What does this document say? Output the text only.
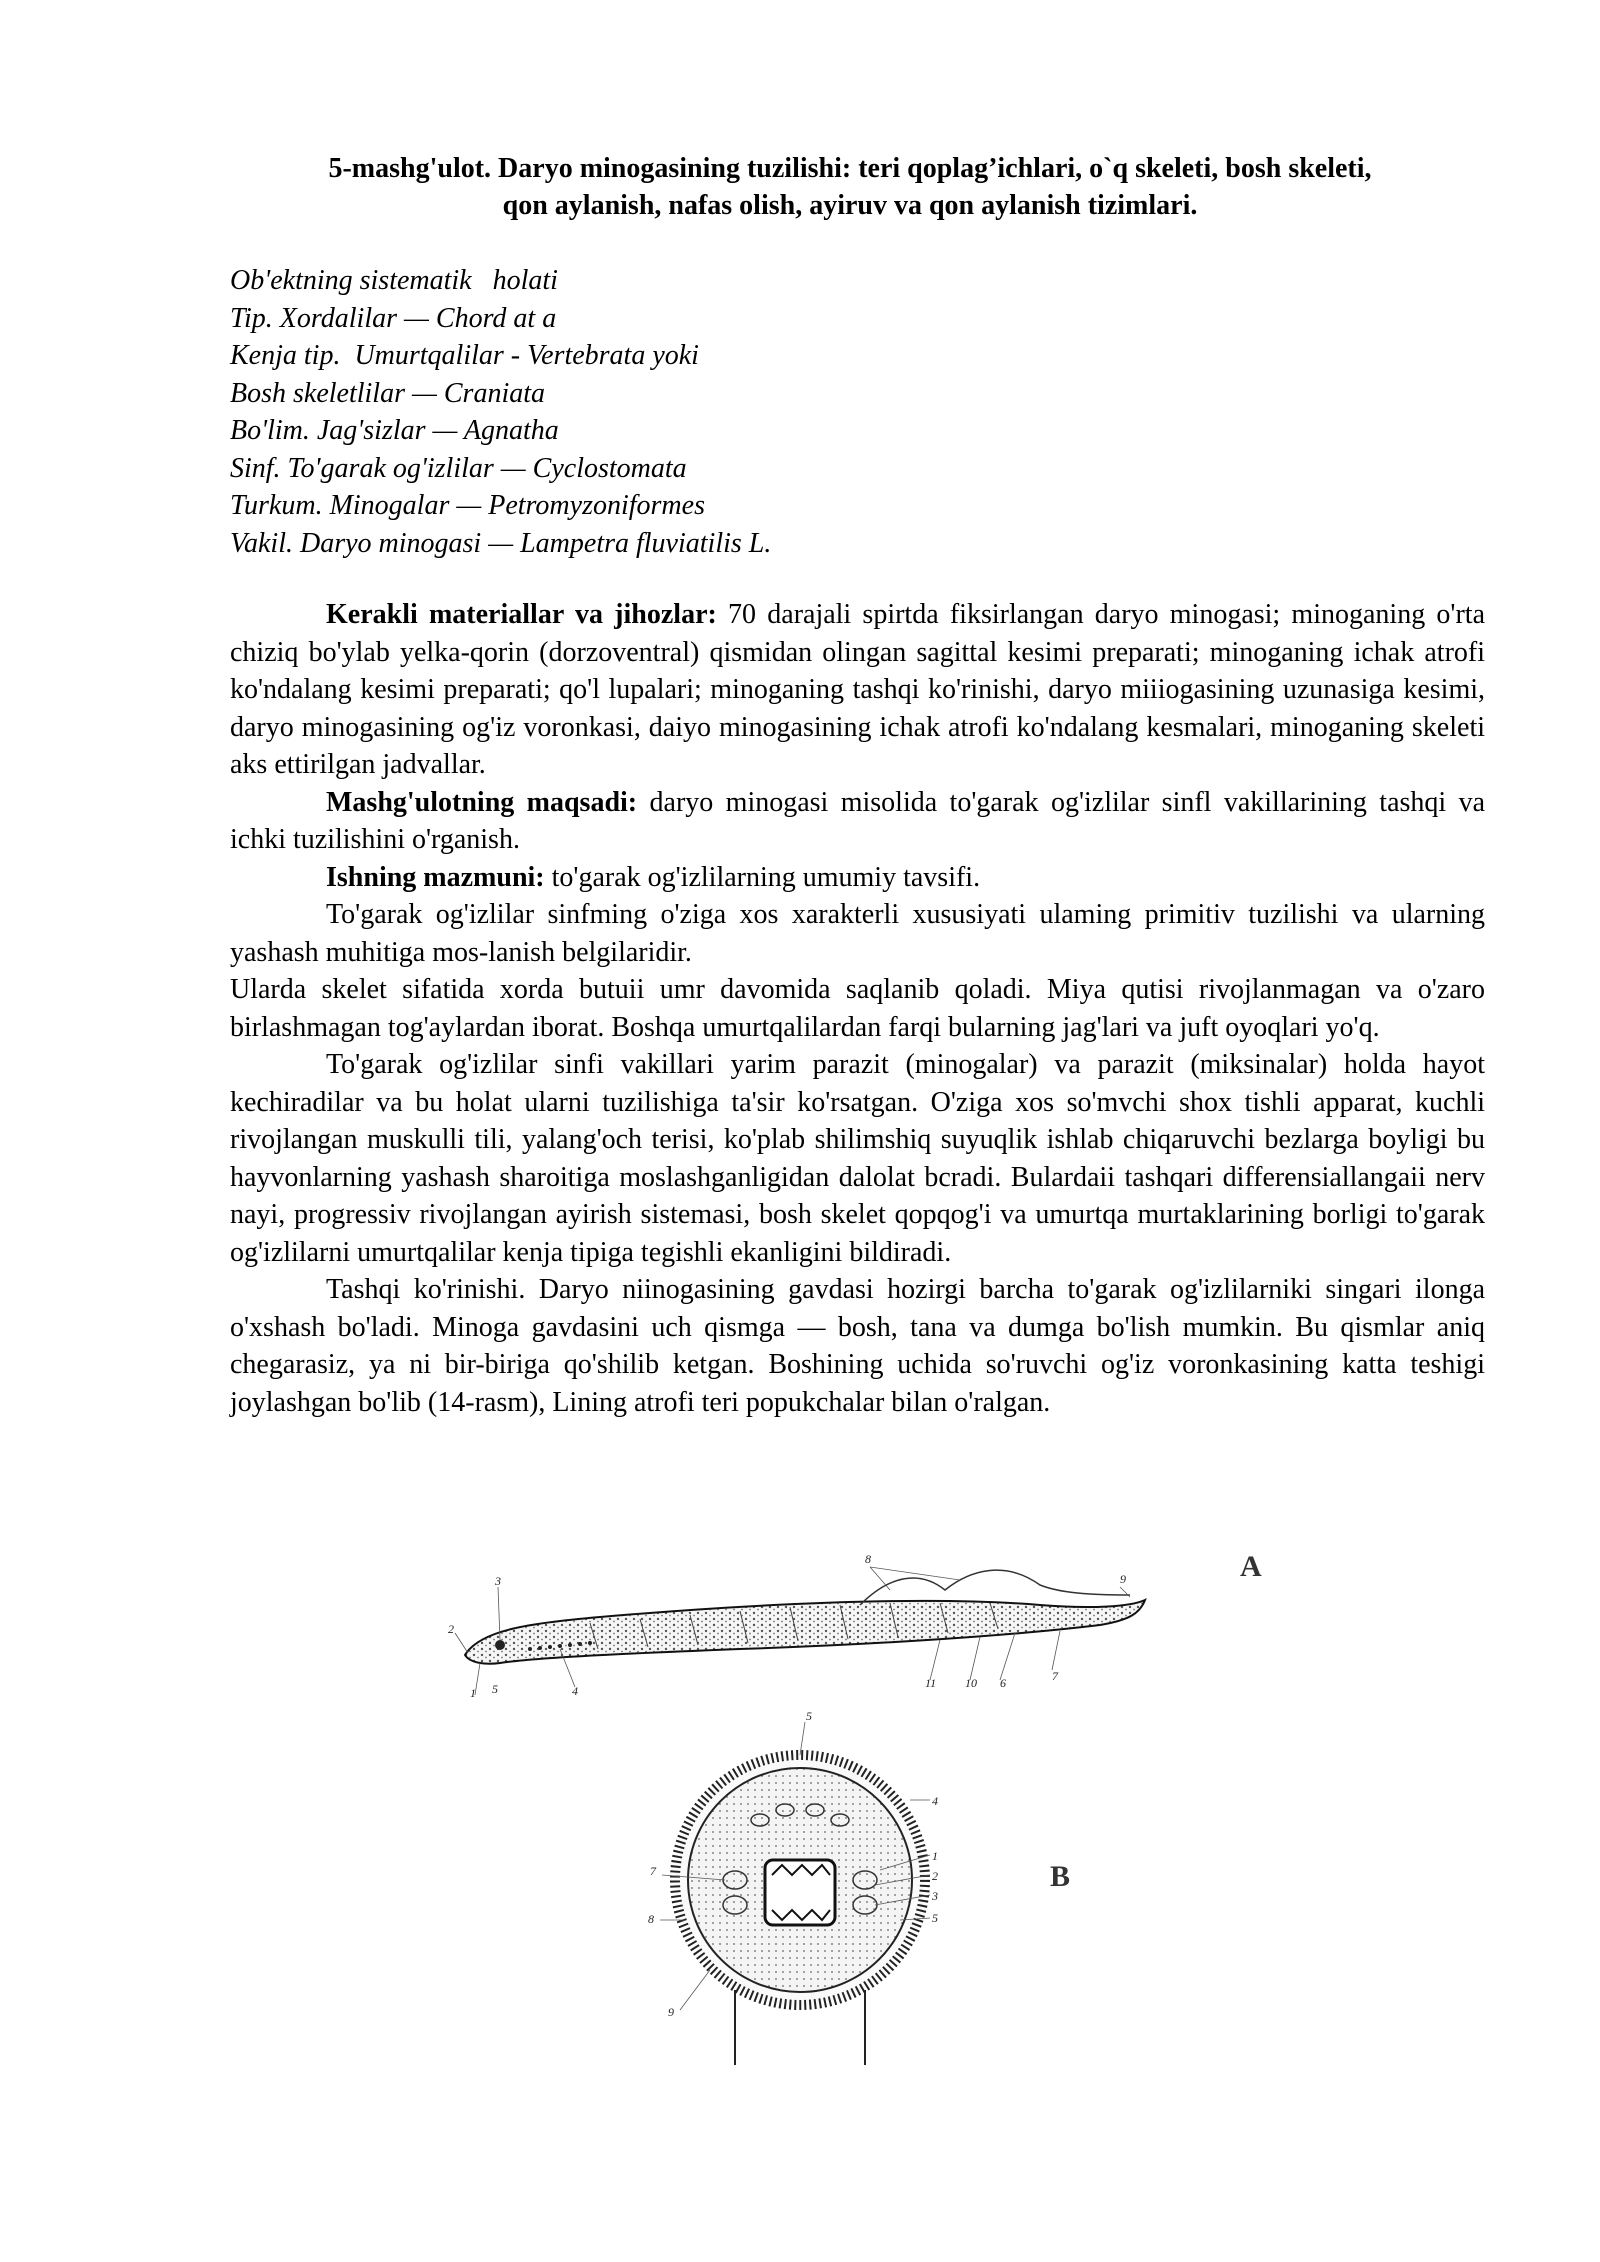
5-mashg'ulot. Daryo minogasining tuzilishi: teri qoplag’ichlari, o`q skeleti, bosh skeleti,
qon aylanish, nafas olish, ayiruv va qon aylanish tizimlari.
Ob'ektning sistematik   holati
Tip. Xordalilar — Chord at a
Kenja tip.  Umurtqalilar - Vertebrata yoki
Bosh skeletlilar — Craniata
Bo'lim. Jag'sizlar — Agnatha
Sinf. To'garak og'izlilar — Cyclostomata
Turkum. Minogalar — Petromyzoniformes
Vakil. Daryo minogasi — Lampetra fluviatilis L.

Kerakli materiallar va jihozlar: 70 darajali spirtda fiksirlangan daryo minogasi; minoganing o'rta chiziq bo'ylab yelka-qorin (dorzoventral) qismidan olingan sagittal kesimi preparati; minoganing ichak atrofi ko'ndalang kesimi preparati; qo'l lupalari; minoganing tashqi ko'rinishi, daryo miiiogasining uzunasiga kesimi, daryo minogasining og'iz voronkasi, daiyo minogasining ichak atrofi ko'ndalang kesmalari, minoganing skeleti aks ettirilgan jadvallar.

Mashg'ulotning maqsadi: daryo minogasi misolida to'garak og'izlilar sinfl vakillarining tashqi va ichki tuzilishini o'rganish.

Ishning mazmuni: to'garak og'izlilarning umumiy tavsifi.

To'garak og'izlilar sinfming o'ziga xos xarakterli xususiyati ulaming primitiv tuzilishi va ularning yashash muhitiga mos-lanish belgilaridir.

Ularda skelet sifatida xorda butuii umr davomida saqlanib qoladi. Miya qutisi rivojlanmagan va o'zaro birlashmagan tog'aylardan iborat. Boshqa umurtqalilardan farqi bularning jag'lari va juft oyoqlari yo'q.

To'garak og'izlilar sinfi vakillari yarim parazit (minogalar) va parazit (miksinalar) holda hayot kechiradilar va bu holat ularni tuzilishiga ta'sir ko'rsatgan. O'ziga xos so'mvchi shox tishli apparat, kuchli rivojlangan muskulli tili, yalang'och terisi, ko'plab shilimshiq suyuqlik ishlab chiqaruvchi bezlarga boyligi bu hayvonlarning yashash sharoitiga moslashganligidan dalolat bcradi. Bulardaii tashqari differensiallangaii nerv nayi, progressiv rivojlangan ayirish sistemasi, bosh skelet qopqog'i va umurtqa murtaklarining borligi to'garak og'izlilarni umurtqalilar kenja tipiga tegishli ekanligini bildiradi.

Tashqi ko'rinishi. Daryo niinogasining gavdasi hozirgi barcha to'garak og'izlilarniki singari ilonga o'xshash bo'ladi. Minoga gavdasini uch qismga — bosh, tana va dumga bo'lish mumkin. Bu qismlar aniq chegarasiz, ya ni bir-biriga qo'shilib ketgan. Boshining uchida so'ruvchi og'iz voronkasining katta teshigi joylashgan bo'lib (14-rasm), Lining atrofi teri popukchalar bilan o'ralgan.

1
2
3
4
5	6	7
8
9
10
11
A
1
2
3
4
5
5
7
8
9
B
